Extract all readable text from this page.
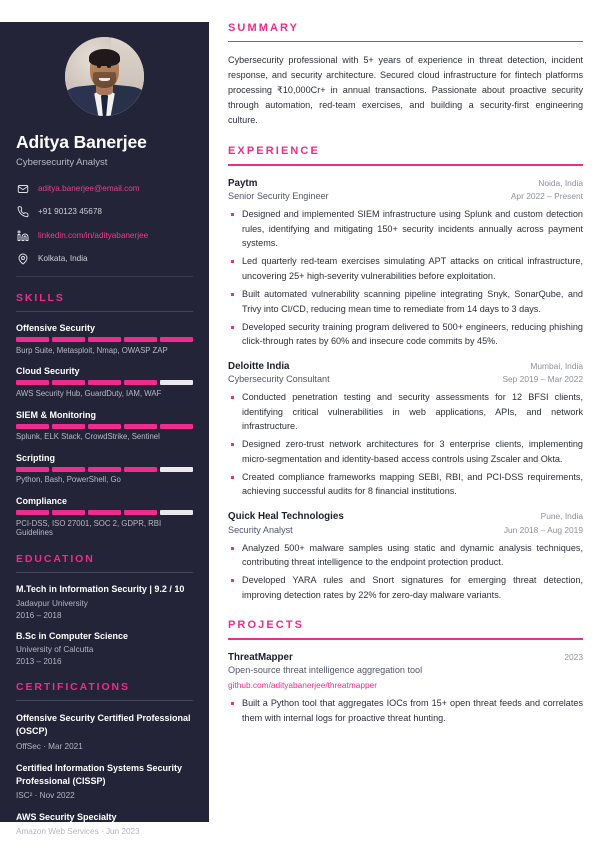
Aditya Banerjee
Cybersecurity Analyst
aditya.banerjee@email.com
+91 90123 45678
linkedin.com/in/adityabanerjee
Kolkata, India
SKILLS
Offensive Security
Burp Suite, Metasploit, Nmap, OWASP ZAP
Cloud Security
AWS Security Hub, GuardDuty, IAM, WAF
SIEM & Monitoring
Splunk, ELK Stack, CrowdStrike, Sentinel
Scripting
Python, Bash, PowerShell, Go
Compliance
PCI-DSS, ISO 27001, SOC 2, GDPR, RBI Guidelines
EDUCATION
M.Tech in Information Security | 9.2 / 10
Jadavpur University
2016 – 2018
B.Sc in Computer Science
University of Calcutta
2013 – 2016
CERTIFICATIONS
Offensive Security Certified Professional (OSCP)
OffSec · Mar 2021
Certified Information Systems Security Professional (CISSP)
ISC² · Nov 2022
AWS Security Specialty
Amazon Web Services · Jun 2023
SUMMARY

Cybersecurity professional with 5+ years of experience in threat detection, incident response, and security architecture. Secured cloud infrastructure for fintech platforms processing ₹10,000Cr+ in annual transactions. Passionate about proactive security through automation, red-team exercises, and building a security-first engineering culture.

EXPERIENCE
Paytm	Noida, India
Senior Security Engineer	Apr 2022 – Present
Designed and implemented SIEM infrastructure using Splunk and custom detection rules, identifying and mitigating 150+ security incidents annually across payment systems.
Led quarterly red-team exercises simulating APT attacks on critical infrastructure, uncovering 25+ high-severity vulnerabilities before exploitation.
Built automated vulnerability scanning pipeline integrating Snyk, SonarQube, and Trivy into CI/CD, reducing mean time to remediate from 14 days to 3 days.
Developed security training program delivered to 500+ engineers, reducing phishing click-through rates by 60% and insecure code commits by 45%.
Deloitte India	Mumbai, India
Cybersecurity Consultant	Sep 2019 – Mar 2022
Conducted penetration testing and security assessments for 12 BFSI clients, identifying critical vulnerabilities in web applications, APIs, and network infrastructure.
Designed zero-trust network architectures for 3 enterprise clients, implementing micro-segmentation and identity-based access controls using Zscaler and Okta.
Created compliance frameworks mapping SEBI, RBI, and PCI-DSS requirements, achieving successful audits for 8 financial institutions.
Quick Heal Technologies	Pune, India
Security Analyst	Jun 2018 – Aug 2019
Analyzed 500+ malware samples using static and dynamic analysis techniques, contributing threat intelligence to the endpoint protection product.
Developed YARA rules and Snort signatures for emerging threat detection, improving detection rates by 22% for zero-day malware variants.
PROJECTS
ThreatMapper	2023
Open-source threat intelligence aggregation tool
github.com/adityabanerjee/threatmapper
Built a Python tool that aggregates IOCs from 15+ open threat feeds and correlates them with internal logs for proactive threat hunting.
